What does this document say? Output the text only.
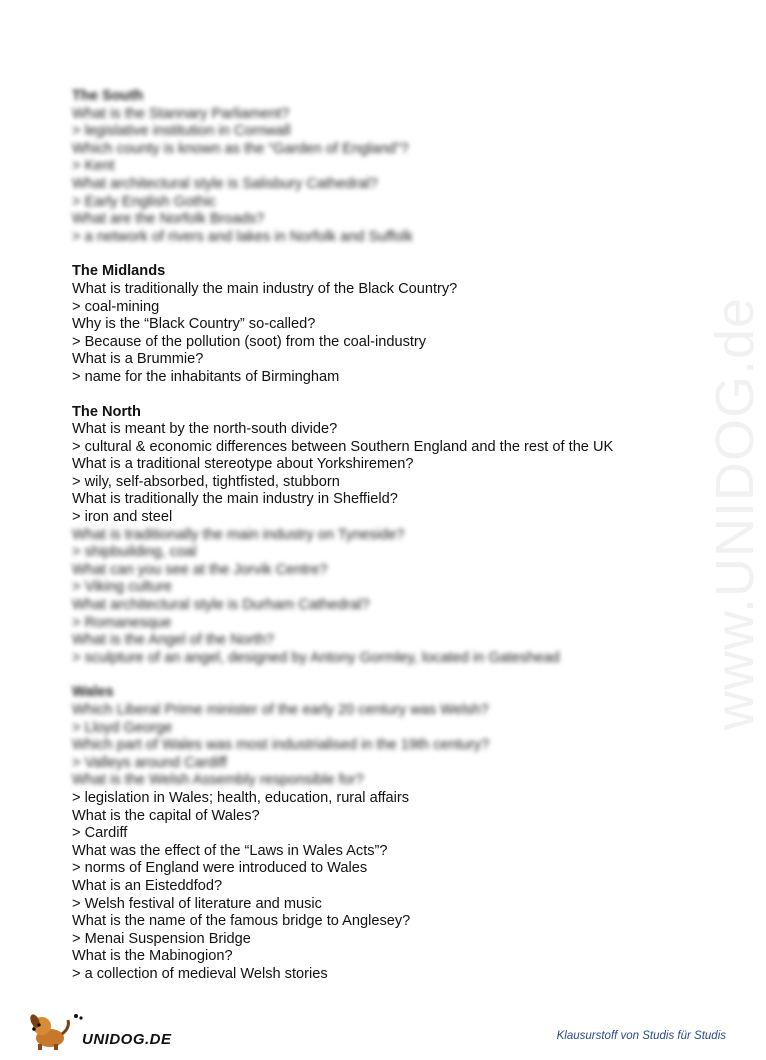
The South
What is the Stannary Parliament?
> legislative institution in Cornwall
Which county is known as the “Garden of England”?
> Kent
What architectural style is Salisbury Cathedral?
> Early English Gothic
What are the Norfolk Broads?
> a network of rivers and lakes in Norfolk and Suffolk
The Midlands
What is traditionally the main industry of the Black Country?
> coal-mining
Why is the “Black Country” so-called?
> Because of the pollution (soot) from the coal-industry
What is a Brummie?
> name for the inhabitants of Birmingham
The North
What is meant by the north-south divide?
> cultural & economic differences between Southern England and the rest of the UK
What is a traditional stereotype about Yorkshiremen?
> wily, self-absorbed, tightfisted, stubborn
What is traditionally the main industry in Sheffield?
> iron and steel
What is traditionally the main industry on Tyneside?
> shipbuilding, coal
What can you see at the Jorvik Centre?
> Viking culture
What architectural style is Durham Cathedral?
> Romanesque
What is the Angel of the North?
> sculpture of an angel, designed by Antony Gormley, located in Gateshead
Wales
Which Liberal Prime minister of the early 20 century was Welsh?
> Lloyd George
Which part of Wales was most industrialised in the 19th century?
> Valleys around Cardiff
What is the Welsh Assembly responsible for?
> legislation in Wales; health, education, rural affairs
What is the capital of Wales?
> Cardiff
What was the effect of the “Laws in Wales Acts”?
> norms of England were introduced to Wales
What is an Eisteddfod?
> Welsh festival of literature and music
What is the name of the famous bridge to Anglesey?
> Menai Suspension Bridge
What is the Mabinogion?
> a collection of medieval Welsh stories
www.UNIDOG.de
UNIDOG.DE	Klausurstoff von Studis für Studis
